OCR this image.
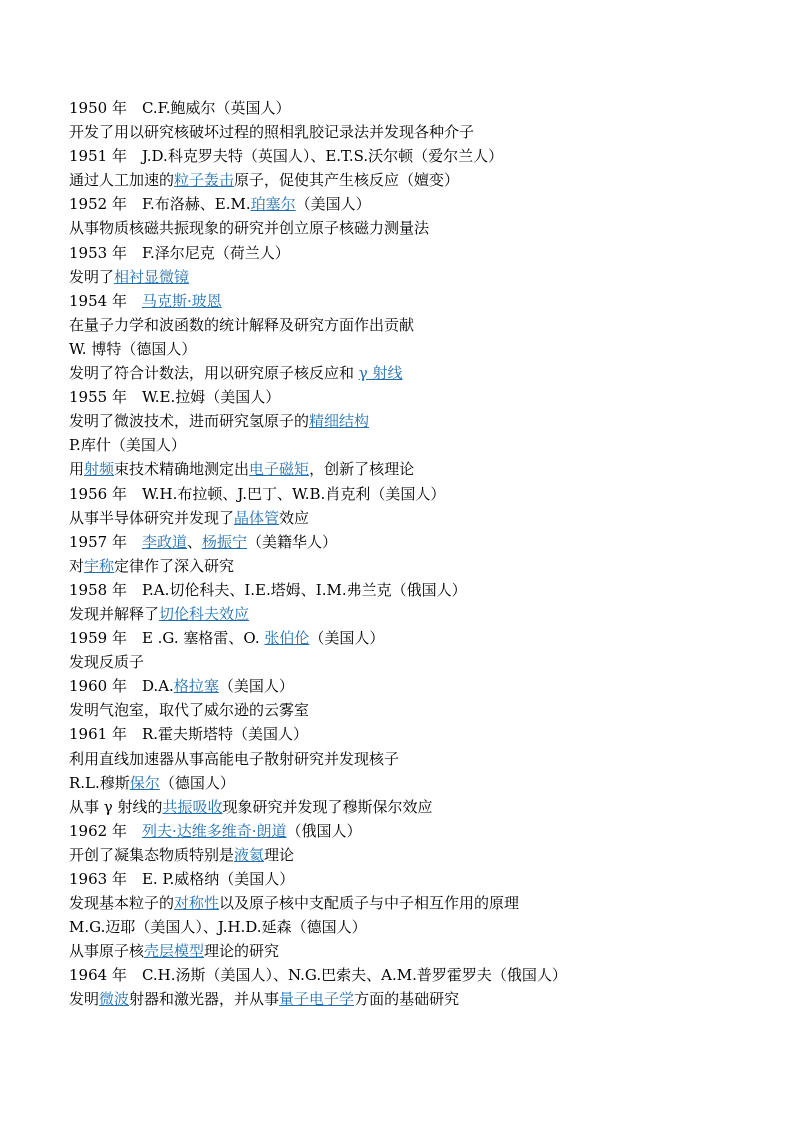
1950 年　C.F.鲍威尔（英国人）
开发了用以研究核破坏过程的照相乳胶记录法并发现各种介子
1951 年　J.D.科克罗夫特（英国人）、E.T.S.沃尔顿（爱尔兰人）
通过人工加速的粒子轰击原子，促使其产生核反应（嬗变）
1952 年　F.布洛赫、E.M.珀塞尔（美国人）
从事物质核磁共振现象的研究并创立原子核磁力测量法
1953 年　F.泽尔尼克（荷兰人）
发明了相衬显微镜
1954 年　马克斯·玻恩
在量子力学和波函数的统计解释及研究方面作出贡献
W. 博特（德国人）
发明了符合计数法，用以研究原子核反应和 γ 射线
1955 年　W.E.拉姆（美国人）
发明了微波技术，进而研究氢原子的精细结构
P.库什（美国人）
用射频束技术精确地测定出电子磁矩，创新了核理论
1956 年　W.H.布拉顿、J.巴丁、W.B.肖克利（美国人）
从事半导体研究并发现了晶体管效应
1957 年　李政道、杨振宁（美籍华人）
对宇称定律作了深入研究
1958 年　P.A.切伦科夫、I.E.塔姆、I.M.弗兰克（俄国人）
发现并解释了切伦科夫效应
1959 年　E .G. 塞格雷、O. 张伯伦（美国人）
发现反质子
1960 年　D.A.格拉塞（美国人）
发明气泡室，取代了威尔逊的云雾室
1961 年　R.霍夫斯塔特（美国人）
利用直线加速器从事高能电子散射研究并发现核子
R.L.穆斯保尔（德国人）
从事 γ 射线的共振吸收现象研究并发现了穆斯保尔效应
1962 年　列夫·达维多维奇·朗道（俄国人）
开创了凝集态物质特别是液氦理论
1963 年　E. P.威格纳（美国人）
发现基本粒子的对称性以及原子核中支配质子与中子相互作用的原理
M.G.迈耶（美国人）、J.H.D.延森（德国人）
从事原子核壳层模型理论的研究
1964 年　C.H.汤斯（美国人）、N.G.巴索夫、A.M.普罗霍罗夫（俄国人）
发明微波射器和激光器，并从事量子电子学方面的基础研究
